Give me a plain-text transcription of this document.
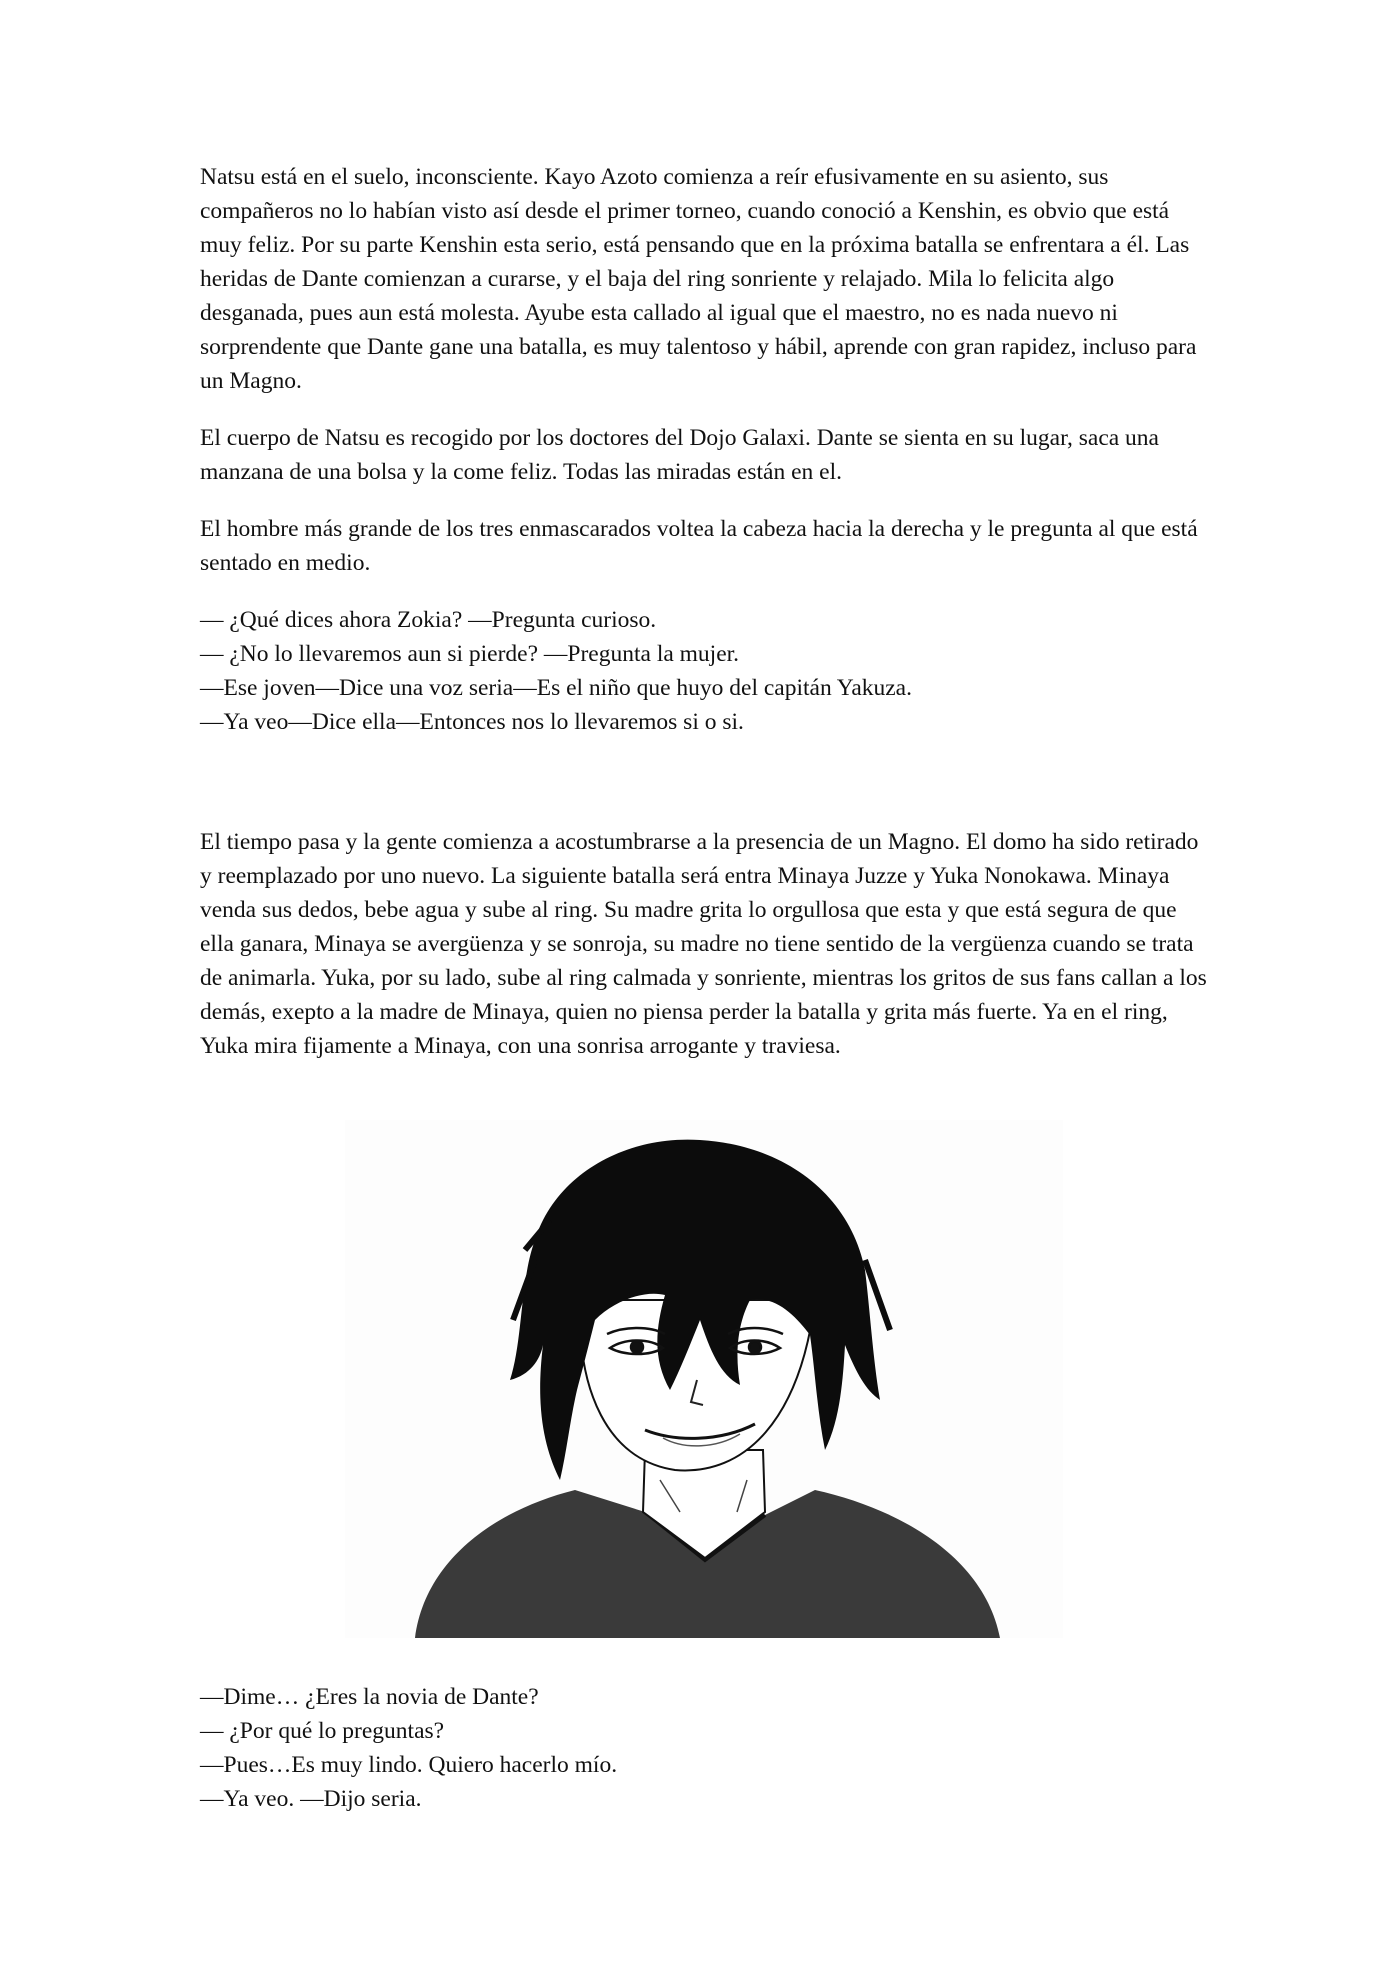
Natsu está en el suelo, inconsciente. Kayo Azoto comienza a reír efusivamente en su asiento, sus compañeros no lo habían visto así desde el primer torneo, cuando conoció a Kenshin, es obvio que está muy feliz. Por su parte Kenshin esta serio, está pensando que en la próxima batalla se enfrentara a él. Las heridas de Dante comienzan a curarse, y el baja del ring sonriente y relajado. Mila lo felicita algo desganada, pues aun está molesta. Ayube esta callado al igual que el maestro, no es nada nuevo ni sorprendente que Dante gane una batalla, es muy talentoso y hábil, aprende con gran rapidez, incluso para un Magno.

El cuerpo de Natsu es recogido por los doctores del Dojo Galaxi. Dante se sienta en su lugar, saca una manzana de una bolsa y la come feliz. Todas las miradas están en el.

El hombre más grande de los tres enmascarados voltea la cabeza hacia la derecha y le pregunta al que está sentado en medio.

— ¿Qué dices ahora Zokia? —Pregunta curioso.
— ¿No lo llevaremos aun si pierde? —Pregunta la mujer.
—Ese joven—Dice una voz seria—Es el niño que huyo del capitán Yakuza.
—Ya veo—Dice ella—Entonces nos lo llevaremos si o si.

El tiempo pasa y la gente comienza a acostumbrarse a la presencia de un Magno. El domo ha sido retirado y reemplazado por uno nuevo. La siguiente batalla será entra Minaya Juzze y Yuka Nonokawa. Minaya venda sus dedos, bebe agua y sube al ring. Su madre grita lo orgullosa que esta y que está segura de que ella ganara, Minaya se avergüenza y se sonroja, su madre no tiene sentido de la vergüenza cuando se trata de animarla. Yuka, por su lado, sube al ring calmada y sonriente, mientras los gritos de sus fans callan a los demás, exepto a la madre de Minaya, quien no piensa perder la batalla y grita más fuerte. Ya en el ring, Yuka mira fijamente a Minaya, con una sonrisa arrogante y traviesa.

—Dime… ¿Eres la novia de Dante?
— ¿Por qué lo preguntas?
—Pues…Es muy lindo. Quiero hacerlo mío.
—Ya veo. —Dijo seria.
